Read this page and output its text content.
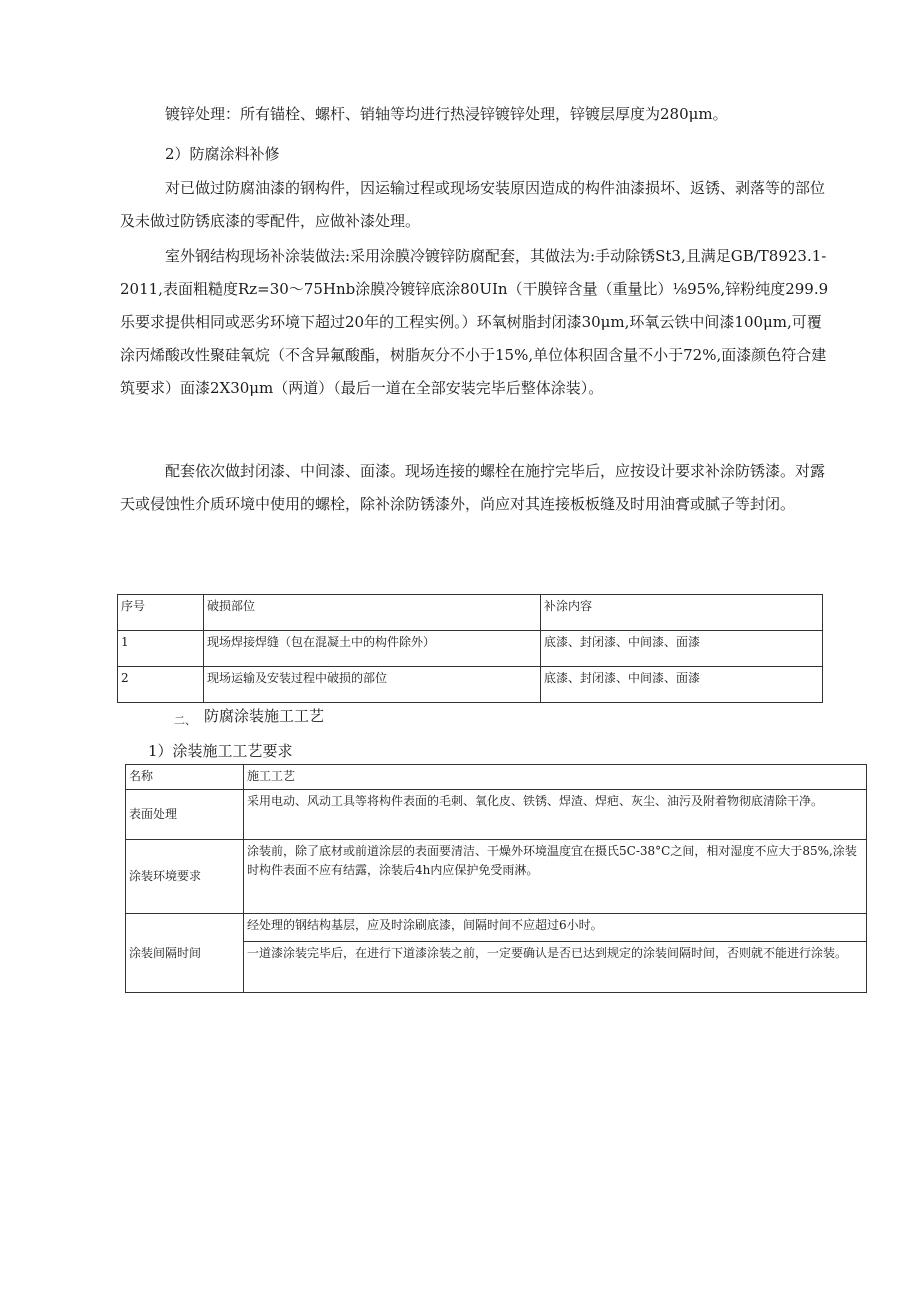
镀锌处理：所有锚栓、螺杆、销轴等均进行热浸锌镀锌处理，锌镀层厚度为280μm。

2）防腐涂料补修

对已做过防腐油漆的钢构件，因运输过程或现场安装原因造成的构件油漆损坏、返锈、剥落等的部位及未做过防锈底漆的零配件，应做补漆处理。

室外钢结构现场补涂装做法:采用涂膜冷镀锌防腐配套，其做法为:手动除锈St3,且满足GB/T8923.1-2011,表面粗糙度Rz=30～75Hnb涂膜冷镀锌底涂80UIn（干膜锌含量（重量比）⅛95%,锌粉纯度299.9乐要求提供相同或恶劣环境下超过20年的工程实例。）环氧树脂封闭漆30μm,环氧云铁中间漆100μm,可覆涂丙烯酸改性聚硅氧烷（不含异氟酸酯，树脂灰分不小于15%,单位体积固含量不小于72%,面漆颜色符合建筑要求）面漆2X30μm（两道）（最后一道在全部安装完毕后整体涂装）。

配套依次做封闭漆、中间漆、面漆。现场连接的螺栓在施拧完毕后，应按设计要求补涂防锈漆。对露天或侵蚀性介质环境中使用的螺栓，除补涂防锈漆外，尚应对其连接板板缝及时用油膏或腻子等封闭。

序号	破损部位	补涂内容
1	现场焊接焊缝（包在混凝土中的构件除外）	底漆、封闭漆、中间漆、面漆
2	现场运输及安装过程中破损的部位	底漆、封闭漆、中间漆、面漆
二、 防腐涂装施工工艺
1）涂装施工工艺要求
名称	施工工艺
表面处理	采用电动、风动工具等将构件表面的毛刺、氧化皮、铁锈、焊渣、焊疤、灰尘、油污及附着物彻底清除干净。
涂装环境要求	涂装前，除了底材或前道涂层的表面要清洁、干燥外环境温度宜在摄氏5C-38°C之间，相对湿度不应大于85%,涂装时构件表面不应有结露，涂装后4h内应保护免受雨淋。
涂装间隔时间	经处理的钢结构基层，应及时涂刷底漆，间隔时间不应超过6小时。
	一道漆涂装完毕后，在进行下道漆涂装之前，一定要确认是否已达到规定的涂装间隔时间，否则就不能进行涂装。
